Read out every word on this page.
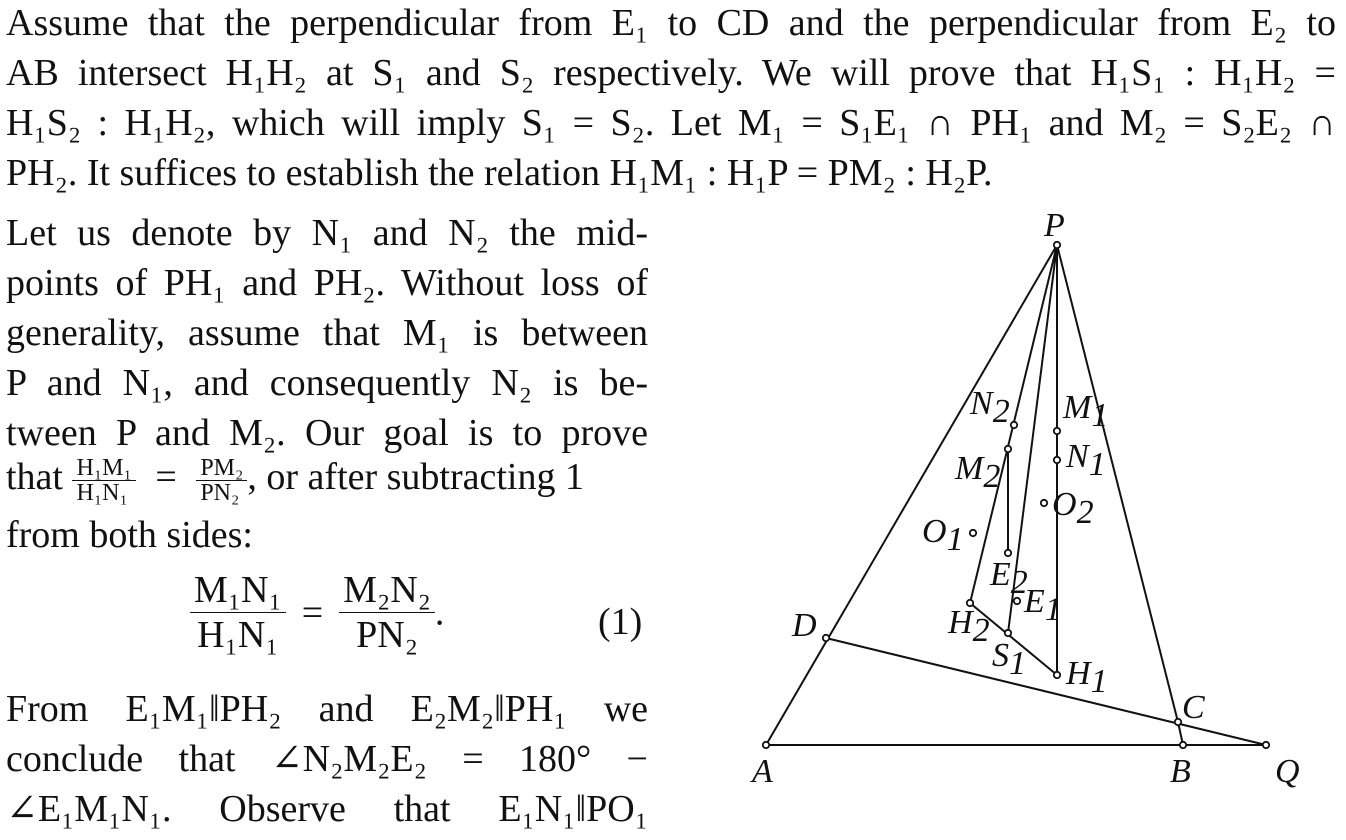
Assume that the perpendicular from E₁ to CD and the perpendicular from E₂ to
AB intersect H₁H₂ at S₁ and S₂ respectively. We will prove that H₁S₁ : H₁H₂ =
H₁S₂ : H₁H₂, which will imply S₁ = S₂. Let M₁ = S₁E₁ ∩ PH₁ and M₂ = S₂E₂ ∩
PH₂. It suffices to establish the relation H₁M₁ : H₁P = PM₂ : H₂P.
Let us denote by N₁ and N₂ the mid-
points of PH₁ and PH₂. Without loss of
generality, assume that M₁ is between
P and N₁, and consequently N₂ is be-
tween P and M₂. Our goal is to prove
that $\frac{\text{H₁M₁}}{\text{H₁N₁}} = \frac{\text{PM₂}}{\text{PN₂}}$ , or after subtracting 1
from both sides:
$\frac{\text{M₁N₁}}{\text{H₁N₁}} = \frac{\text{M₂N₂}}{\text{PN₂}}$ .	(1)
From E₁M₁‖PH₂ and E₂M₂‖PH₁ we
conclude that ∠N₂M₂E₂ = 180° −
∠E₁M₁N₁. Observe that E₁N₁‖PO₁
P
A	B
C
D
Q
N2 M1
N1
M2
O2
O1
E2
E1
H2
S1 H1
